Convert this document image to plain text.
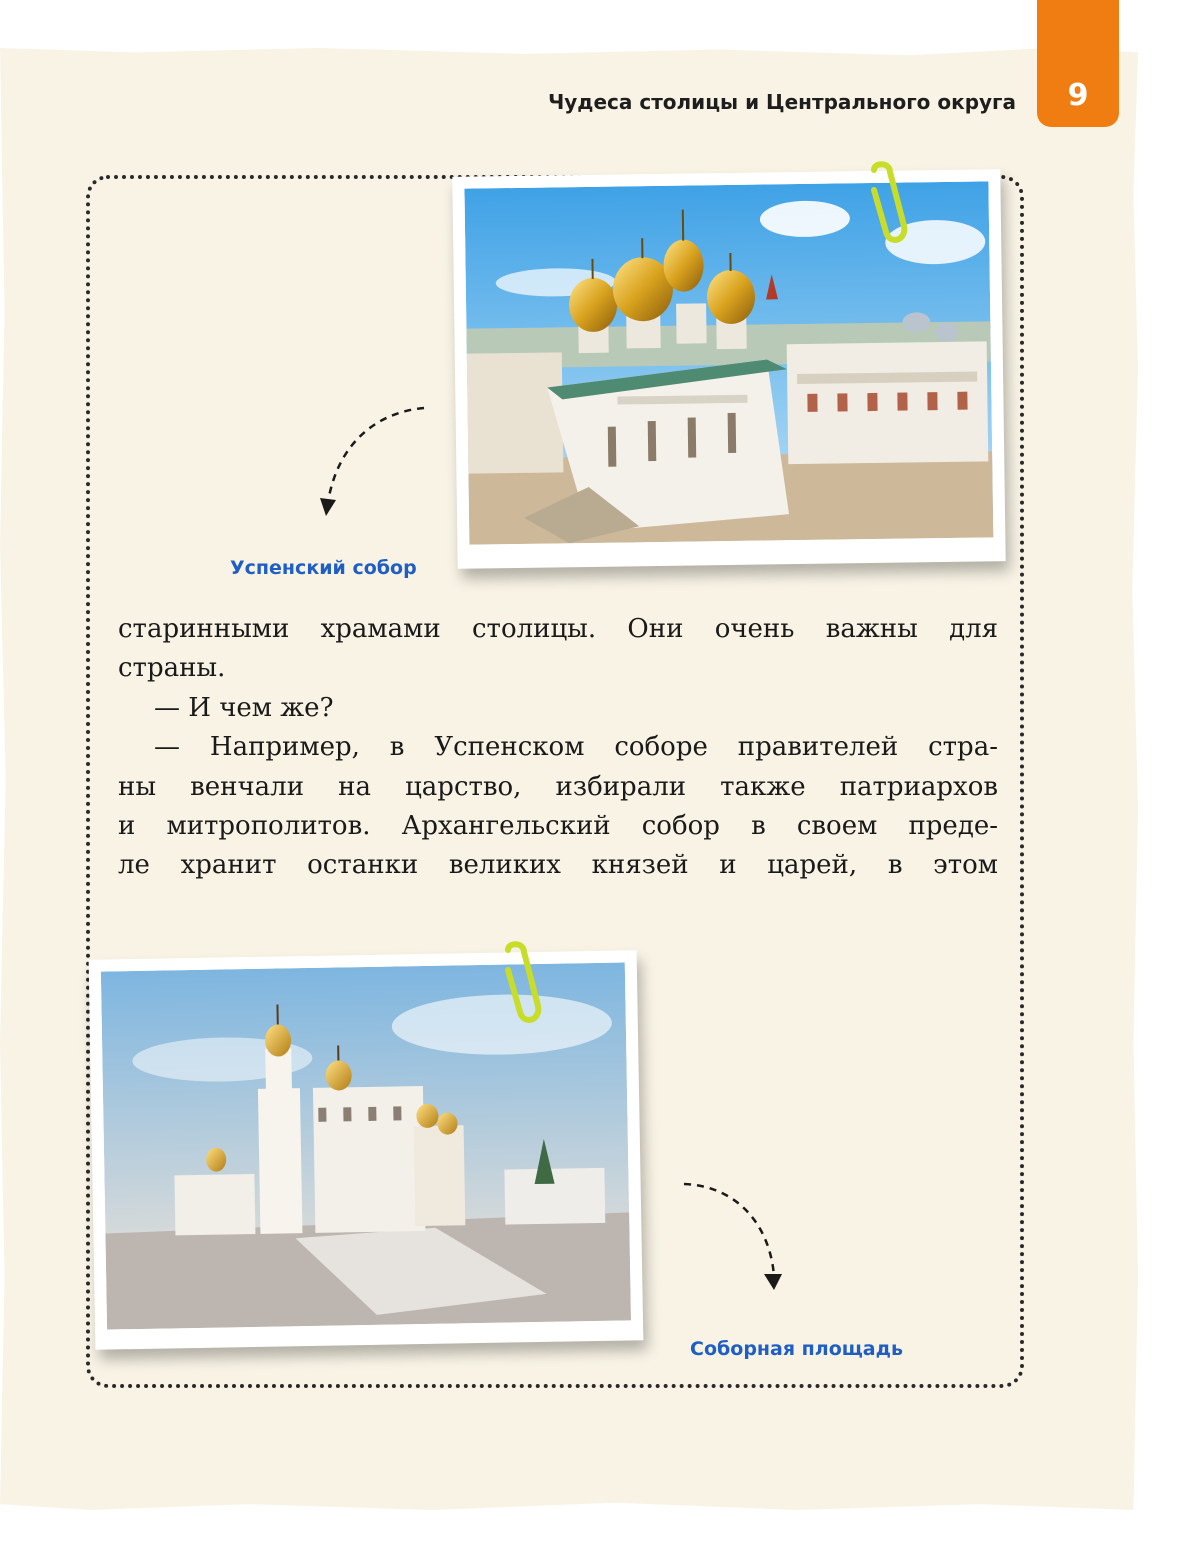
9
Чудеса столицы и Центрального округа
Успенский собор
старинными храмами столицы. Они очень важны для
страны.
— И чем же?
— Например, в Успенском соборе правителей стра-
ны венчали на царство, избирали также патриархов
и митрополитов. Архангельский собор в своем преде-
ле хранит останки великих князей и царей, в этом
Соборная площадь
